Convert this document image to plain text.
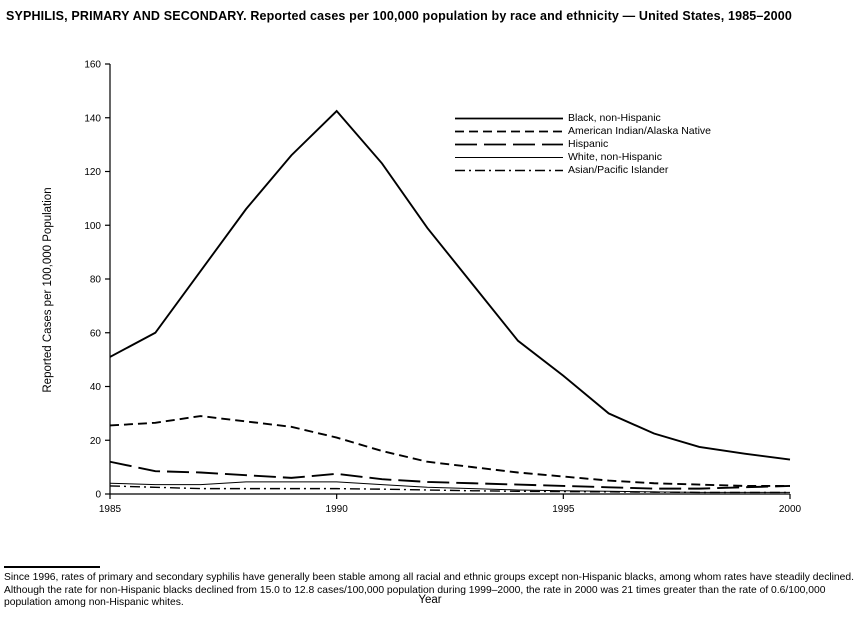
SYPHILIS, PRIMARY AND SECONDARY. Reported cases per 100,000 population by race and ethnicity — United States, 1985–2000
0
20
40
60
80
100
120
140
160
1985	1990	1995	2000
Reported Cases per 100,000 Population
Year
Black, non-Hispanic
American Indian/Alaska Native
Hispanic
White, non-Hispanic
Asian/Pacific Islander
Since 1996, rates of primary and secondary syphilis have generally been stable among all racial and ethnic groups except non-Hispanic blacks, among whom rates have steadily declined. Although the rate for non-Hispanic blacks declined from 15.0 to 12.8 cases/100,000 population during 1999–2000, the rate in 2000 was 21 times greater than the rate of 0.6/100,000 population among non-Hispanic whites.
